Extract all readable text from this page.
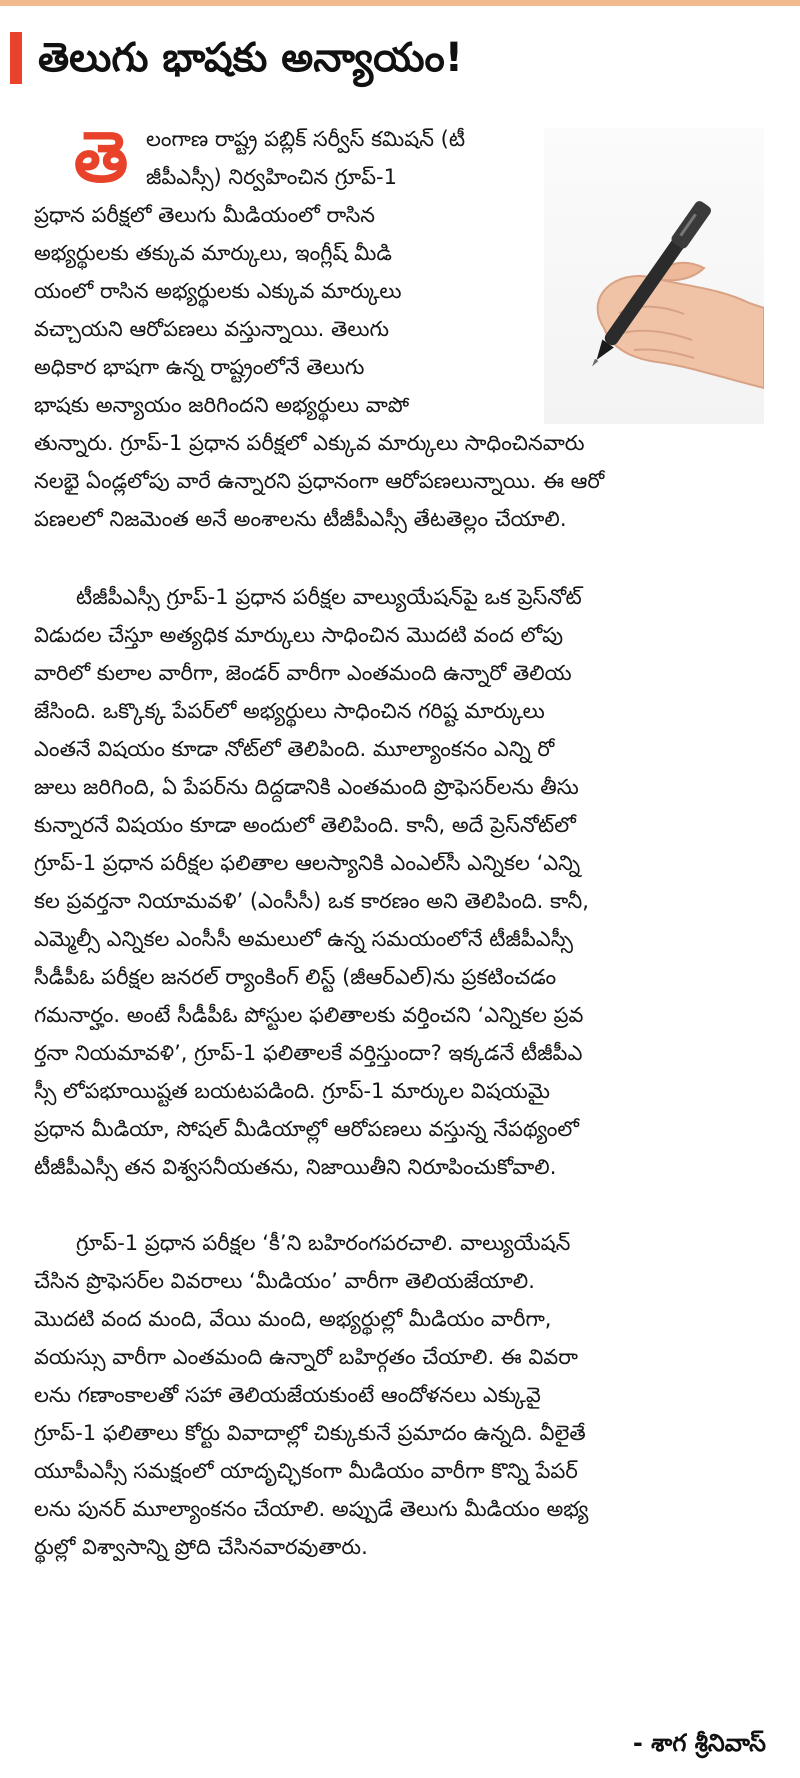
తెలుగు భాషకు అన్యాయం!
తె లంగాణ రాష్ట్ర పబ్లిక్ సర్వీస్ కమిషన్ (టీ
జీపీఎస్సీ) నిర్వహించిన గ్రూప్-1
ప్రధాన పరీక్షలో తెలుగు మీడియంలో రాసిన
అభ్యర్థులకు తక్కువ మార్కులు, ఇంగ్లీష్ మీడి
యంలో రాసిన అభ్యర్థులకు ఎక్కువ మార్కులు
వచ్చాయని ఆరోపణలు వస్తున్నాయి. తెలుగు
అధికార భాషగా ఉన్న రాష్ట్రంలోనే తెలుగు
భాషకు అన్యాయం జరిగిందని అభ్యర్థులు వాపో
తున్నారు. గ్రూప్-1 ప్రధాన పరీక్షలో ఎక్కువ మార్కులు సాధించినవారు
నలభై ఏండ్లలోపు వారే ఉన్నారని ప్రధానంగా ఆరోపణలున్నాయి. ఈ ఆరో
పణలలో నిజమెంత అనే అంశాలను టీజీపీఎస్సీ తేటతెల్లం చేయాలి.
టీజీపీఎస్సీ గ్రూప్-1 ప్రధాన పరీక్షల వాల్యుయేషన్‌పై ఒక ప్రెస్‌నోట్
విడుదల చేస్తూ అత్యధిక మార్కులు సాధించిన మొదటి వంద లోపు
వారిలో కులాల వారీగా, జెండర్ వారీగా ఎంతమంది ఉన్నారో తెలియ
జేసింది. ఒక్కొక్క పేపర్‌లో అభ్యర్థులు సాధించిన గరిష్ట మార్కులు
ఎంతనే విషయం కూడా నోట్‌లో తెలిపింది. మూల్యాంకనం ఎన్ని రో
జులు జరిగింది, ఏ పేపర్‌ను దిద్దడానికి ఎంతమంది ప్రొఫెసర్‌లను తీసు
కున్నారనే విషయం కూడా అందులో తెలిపింది. కానీ, అదే ప్రెస్‌నోట్‌లో
గ్రూప్-1 ప్రధాన పరీక్షల ఫలితాల ఆలస్యానికి ఎంఎల్‌సీ ఎన్నికల ‘ఎన్ని
కల ప్రవర్తనా నియామవళి’ (ఎంసీసీ) ఒక కారణం అని తెలిపింది. కానీ,
ఎమ్మెల్సీ ఎన్నికల ఎంసీసీ అమలులో ఉన్న సమయంలోనే టీజీపీఎస్సీ
సీడీపీఓ పరీక్షల జనరల్ ర్యాంకింగ్ లిస్ట్ (జీఆర్ఎల్)ను ప్రకటించడం
గమనార్హం. అంటే సీడీపీఓ పోస్టుల ఫలితాలకు వర్తించని ‘ఎన్నికల ప్రవ
ర్తనా నియమావళి’, గ్రూప్-1 ఫలితాలకే వర్తిస్తుందా? ఇక్కడనే టీజీపీఎ
స్సీ లోపభూయిష్టత బయటపడింది. గ్రూప్-1 మార్కుల విషయమై
ప్రధాన మీడియా, సోషల్ మీడియాల్లో ఆరోపణలు వస్తున్న నేపథ్యంలో
టీజీపీఎస్సీ తన విశ్వసనీయతను, నిజాయితీని నిరూపించుకోవాలి.
గ్రూప్-1 ప్రధాన పరీక్షల ‘కీ’ని బహిరంగపరచాలి. వాల్యుయేషన్
చేసిన ప్రొఫెసర్‌ల వివరాలు ‘మీడియం’ వారీగా తెలియజేయాలి.
మొదటి వంద మంది, వేయి మంది, అభ్యర్థుల్లో మీడియం వారీగా,
వయస్సు వారీగా ఎంతమంది ఉన్నారో బహిర్గతం చేయాలి. ఈ వివరా
లను గణాంకాలతో సహా తెలియజేయకుంటే ఆందోళనలు ఎక్కువై
గ్రూప్-1 ఫలితాలు కోర్టు వివాదాల్లో చిక్కుకునే ప్రమాదం ఉన్నది. వీలైతే
యూపీఎస్సీ సమక్షంలో యాదృచ్ఛికంగా మీడియం వారీగా కొన్ని పేపర్
లను పునర్ మూల్యాంకనం చేయాలి. అప్పుడే తెలుగు మీడియం అభ్య
ర్థుల్లో విశ్వాసాన్ని ప్రోది చేసినవారవుతారు.
- శాగ శ్రీనివాస్
